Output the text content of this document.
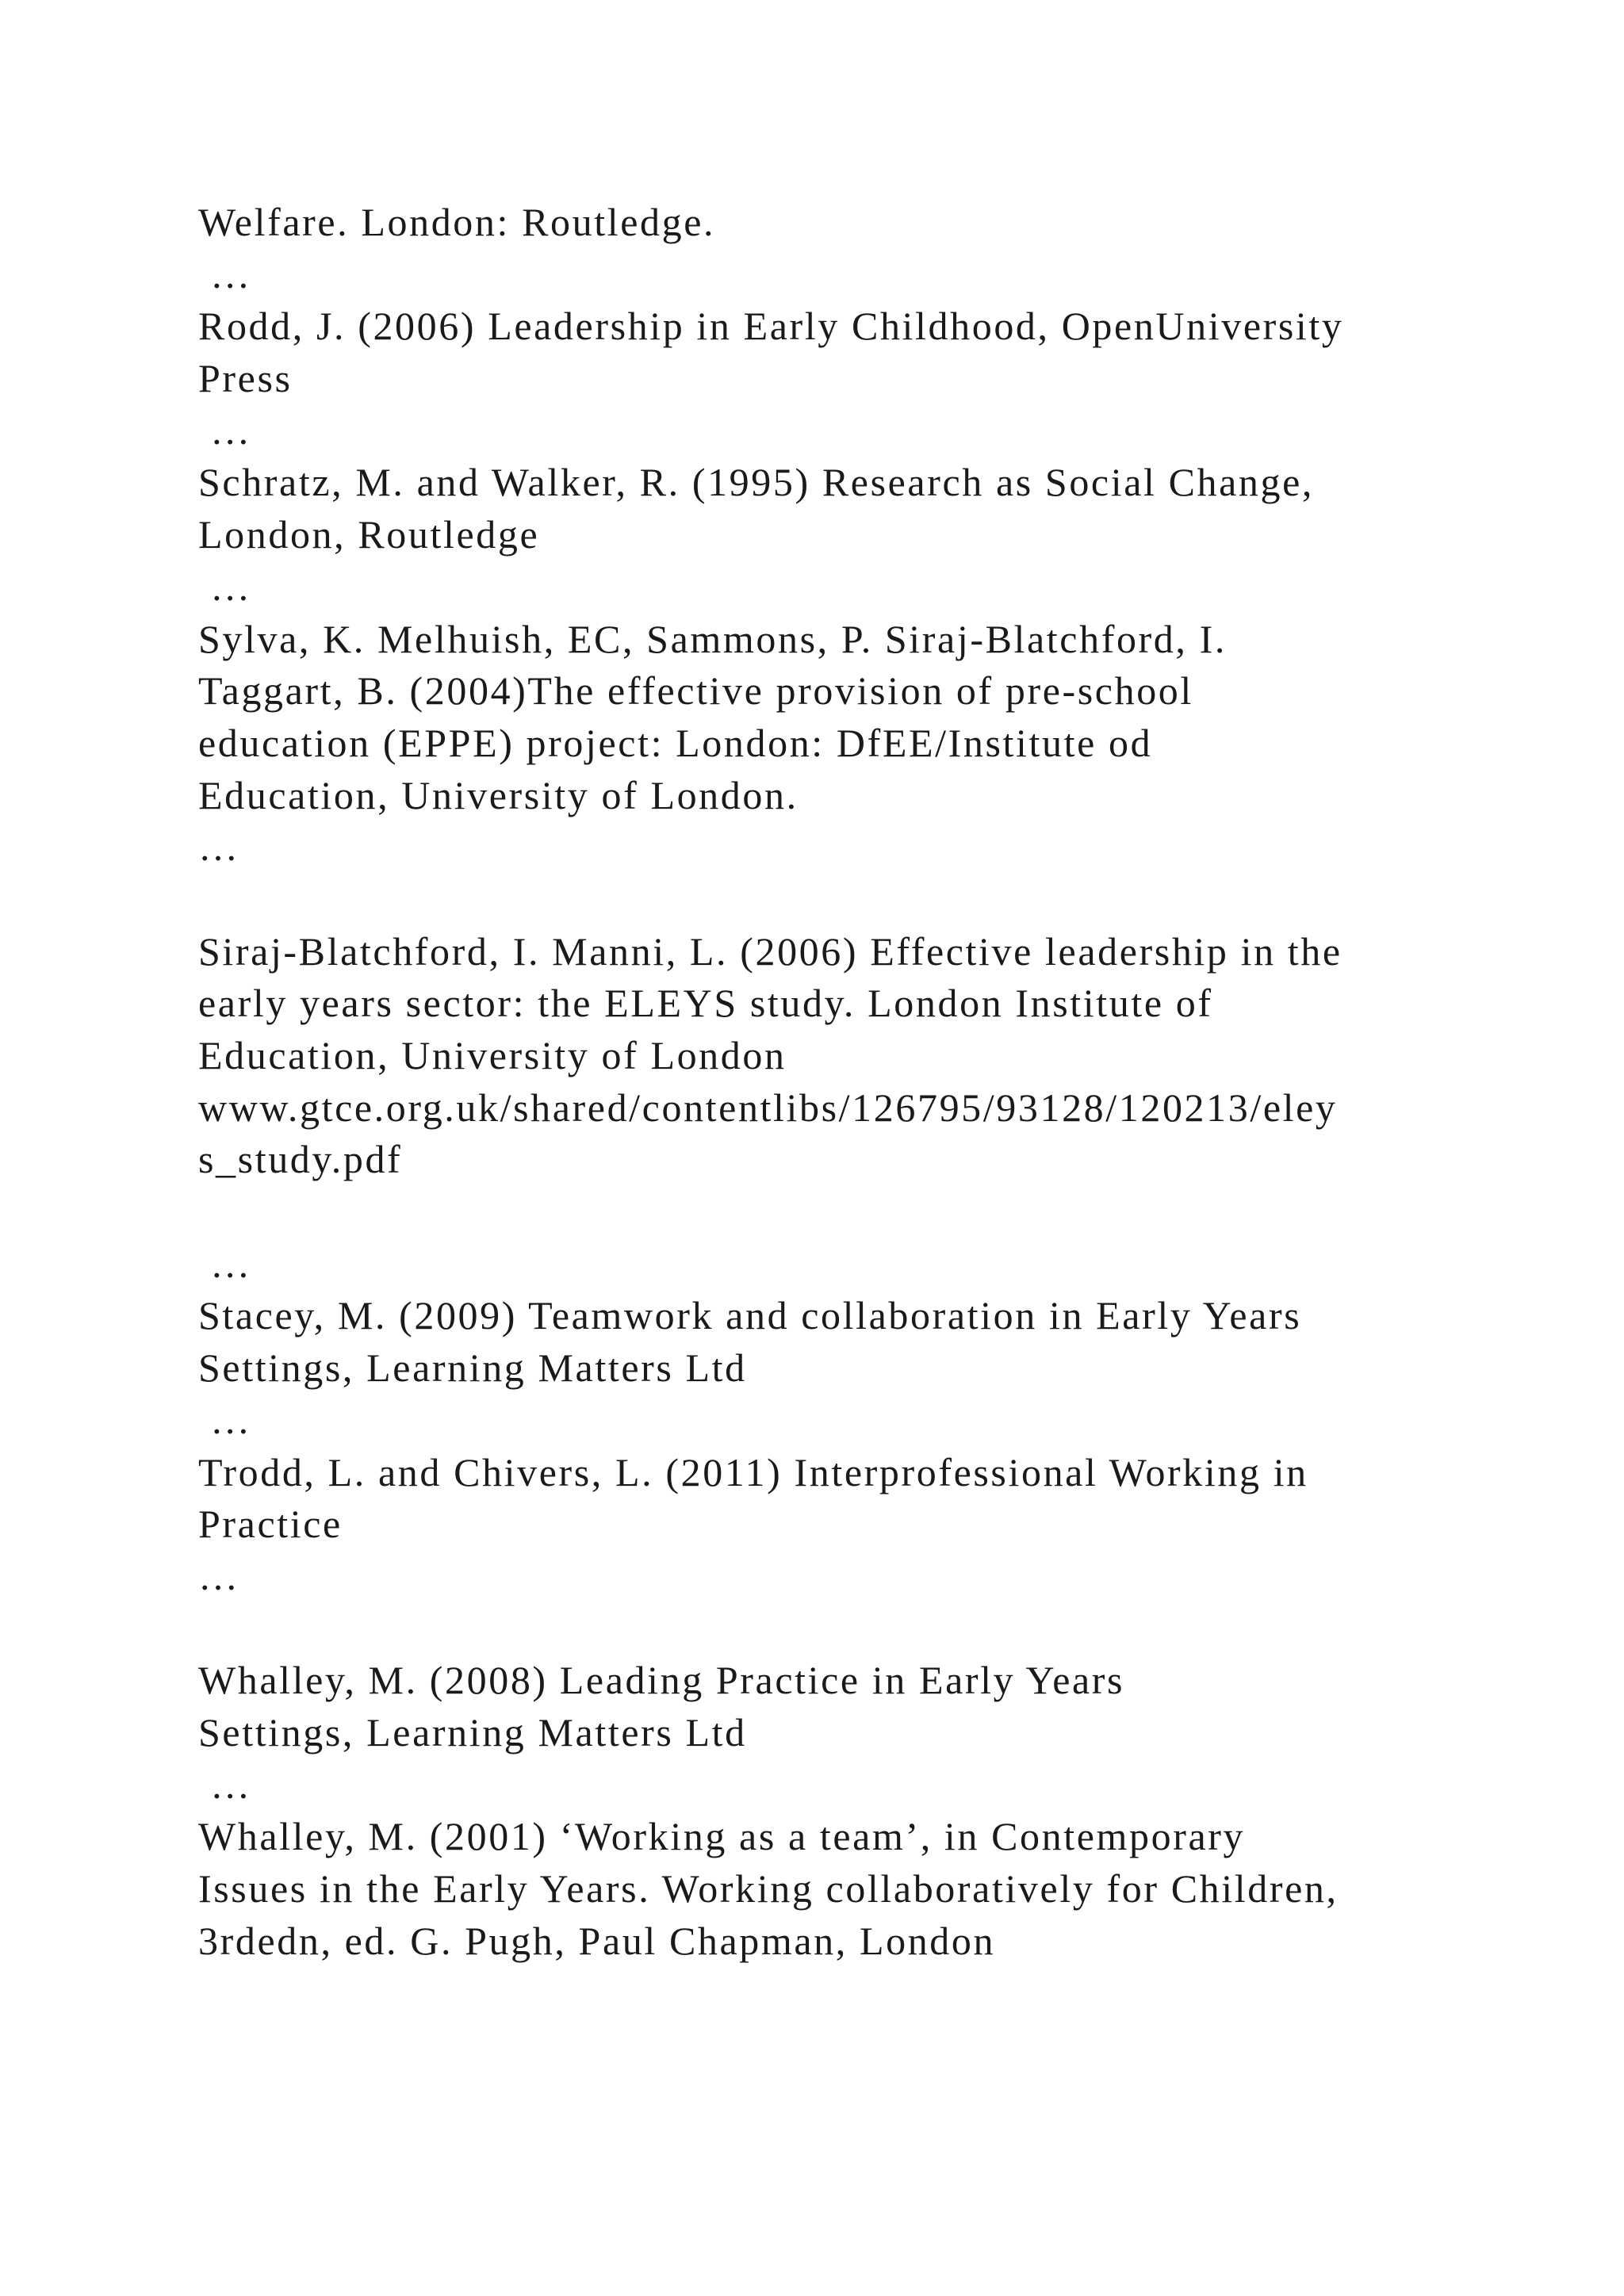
Welfare. London: Routledge.
…
Rodd, J. (2006) Leadership in Early Childhood, OpenUniversity
Press
…
Schratz, M. and Walker, R. (1995) Research as Social Change,
London, Routledge
…
Sylva, K. Melhuish, EC, Sammons, P. Siraj-Blatchford, I.
Taggart, B. (2004)The effective provision of pre-school
education (EPPE) project: London: DfEE/Institute od
Education, University of London.
…
Siraj-Blatchford, I. Manni, L. (2006) Effective leadership in the
early years sector: the ELEYS study. London Institute of
Education, University of London
www.gtce.org.uk/shared/contentlibs/126795/93128/120213/eley
s_study.pdf
…
Stacey, M. (2009) Teamwork and collaboration in Early Years
Settings, Learning Matters Ltd
…
Trodd, L. and Chivers, L. (2011) Interprofessional Working in
Practice
…
Whalley, M. (2008) Leading Practice in Early Years
Settings, Learning Matters Ltd
…
Whalley, M. (2001) ‘Working as a team’, in Contemporary
Issues in the Early Years. Working collaboratively for Children,
3rdedn, ed. G. Pugh, Paul Chapman, London
